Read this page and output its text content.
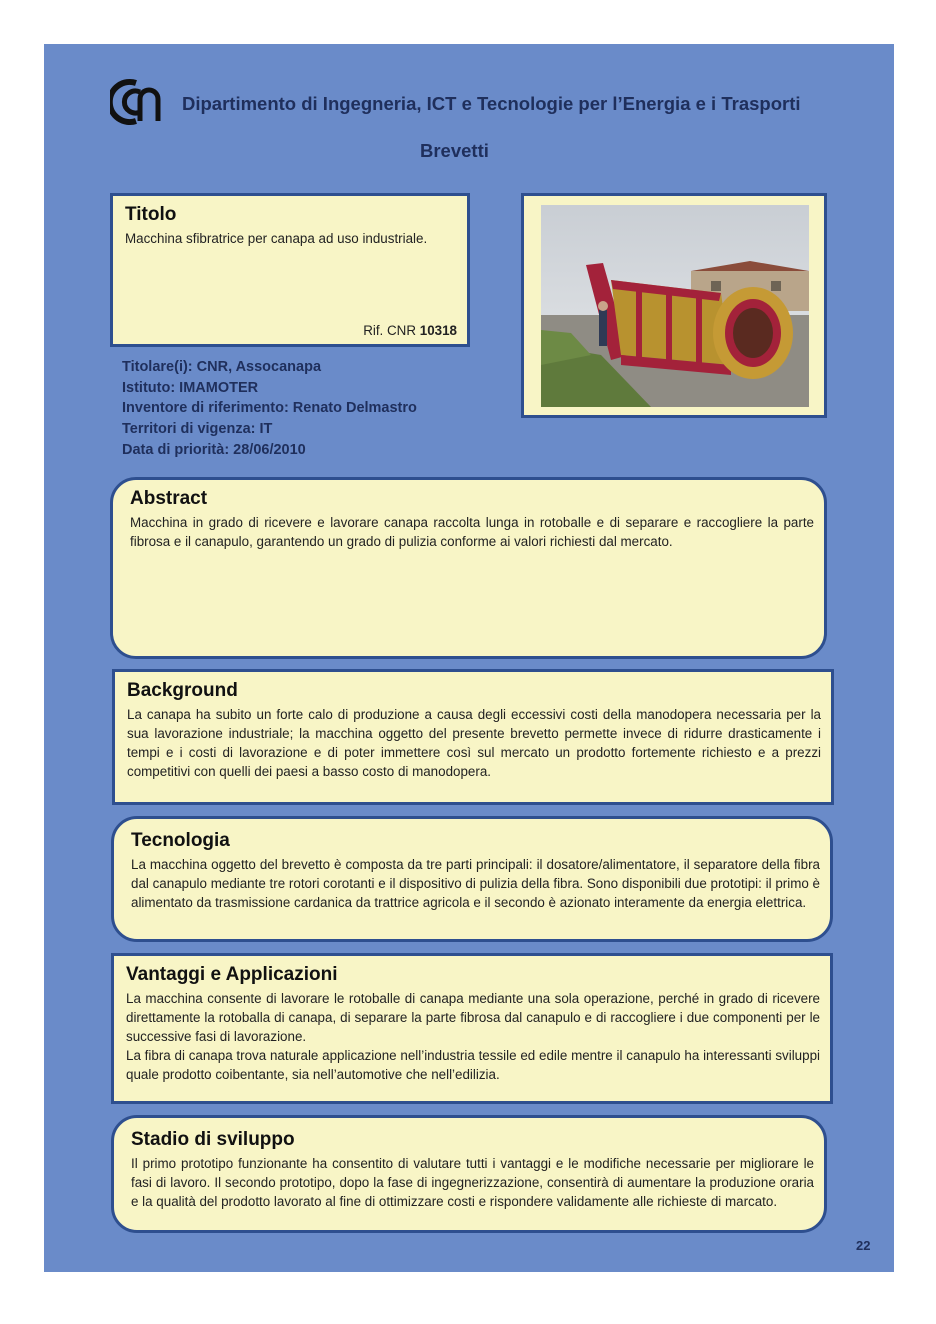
Dipartimento di Ingegneria, ICT e Tecnologie per l’Energia e i Trasporti
Brevetti
Titolo

Macchina sfibratrice per canapa ad uso industriale.

Rif. CNR 10318
Titolare(i): CNR, Assocanapa
Istituto: IMAMOTER
Inventore di riferimento: Renato Delmastro
Territori di vigenza: IT
Data di priorità: 28/06/2010
Abstract

Macchina in grado di ricevere e lavorare canapa raccolta lunga in rotoballe e di separare e raccogliere la parte fibrosa e il canapulo, garantendo un grado di pulizia conforme ai valori richiesti dal mercato.

Background

La canapa ha subito un forte calo di produzione a causa degli eccessivi costi della manodopera necessaria per la sua lavorazione industriale; la macchina oggetto del presente brevetto permette invece di ridurre drasticamente i tempi e i costi di lavorazione e di poter immettere così sul mercato un prodotto fortemente richiesto e a prezzi competitivi con quelli dei paesi a basso costo di manodopera.

Tecnologia

La macchina oggetto del brevetto è composta da tre parti principali: il dosatore/alimentatore, il separatore della fibra dal canapulo mediante tre rotori corotanti e il dispositivo di pulizia della fibra. Sono disponibili due prototipi: il primo è alimentato da trasmissione cardanica da trattrice agricola e il secondo è azionato interamente da energia elettrica.

Vantaggi e Applicazioni

La macchina consente di lavorare le rotoballe di canapa mediante una sola operazione, perché in grado di ricevere direttamente la rotoballa di canapa, di separare la parte fibrosa dal canapulo e di raccogliere i due componenti per le successive fasi di lavorazione.

La fibra di canapa trova naturale applicazione nell’industria tessile ed edile mentre il canapulo ha interessanti sviluppi quale prodotto coibentante, sia nell’automotive che nell’edilizia.

Stadio di sviluppo

Il primo prototipo funzionante ha consentito di valutare tutti i vantaggi e le modifiche necessarie per migliorare le fasi di lavoro. Il secondo prototipo, dopo la fase di ingegnerizzazione, consentirà di aumentare la produzione oraria e la qualità del prodotto lavorato al fine di ottimizzare costi e rispondere validamente alle richieste di marcato.

22
